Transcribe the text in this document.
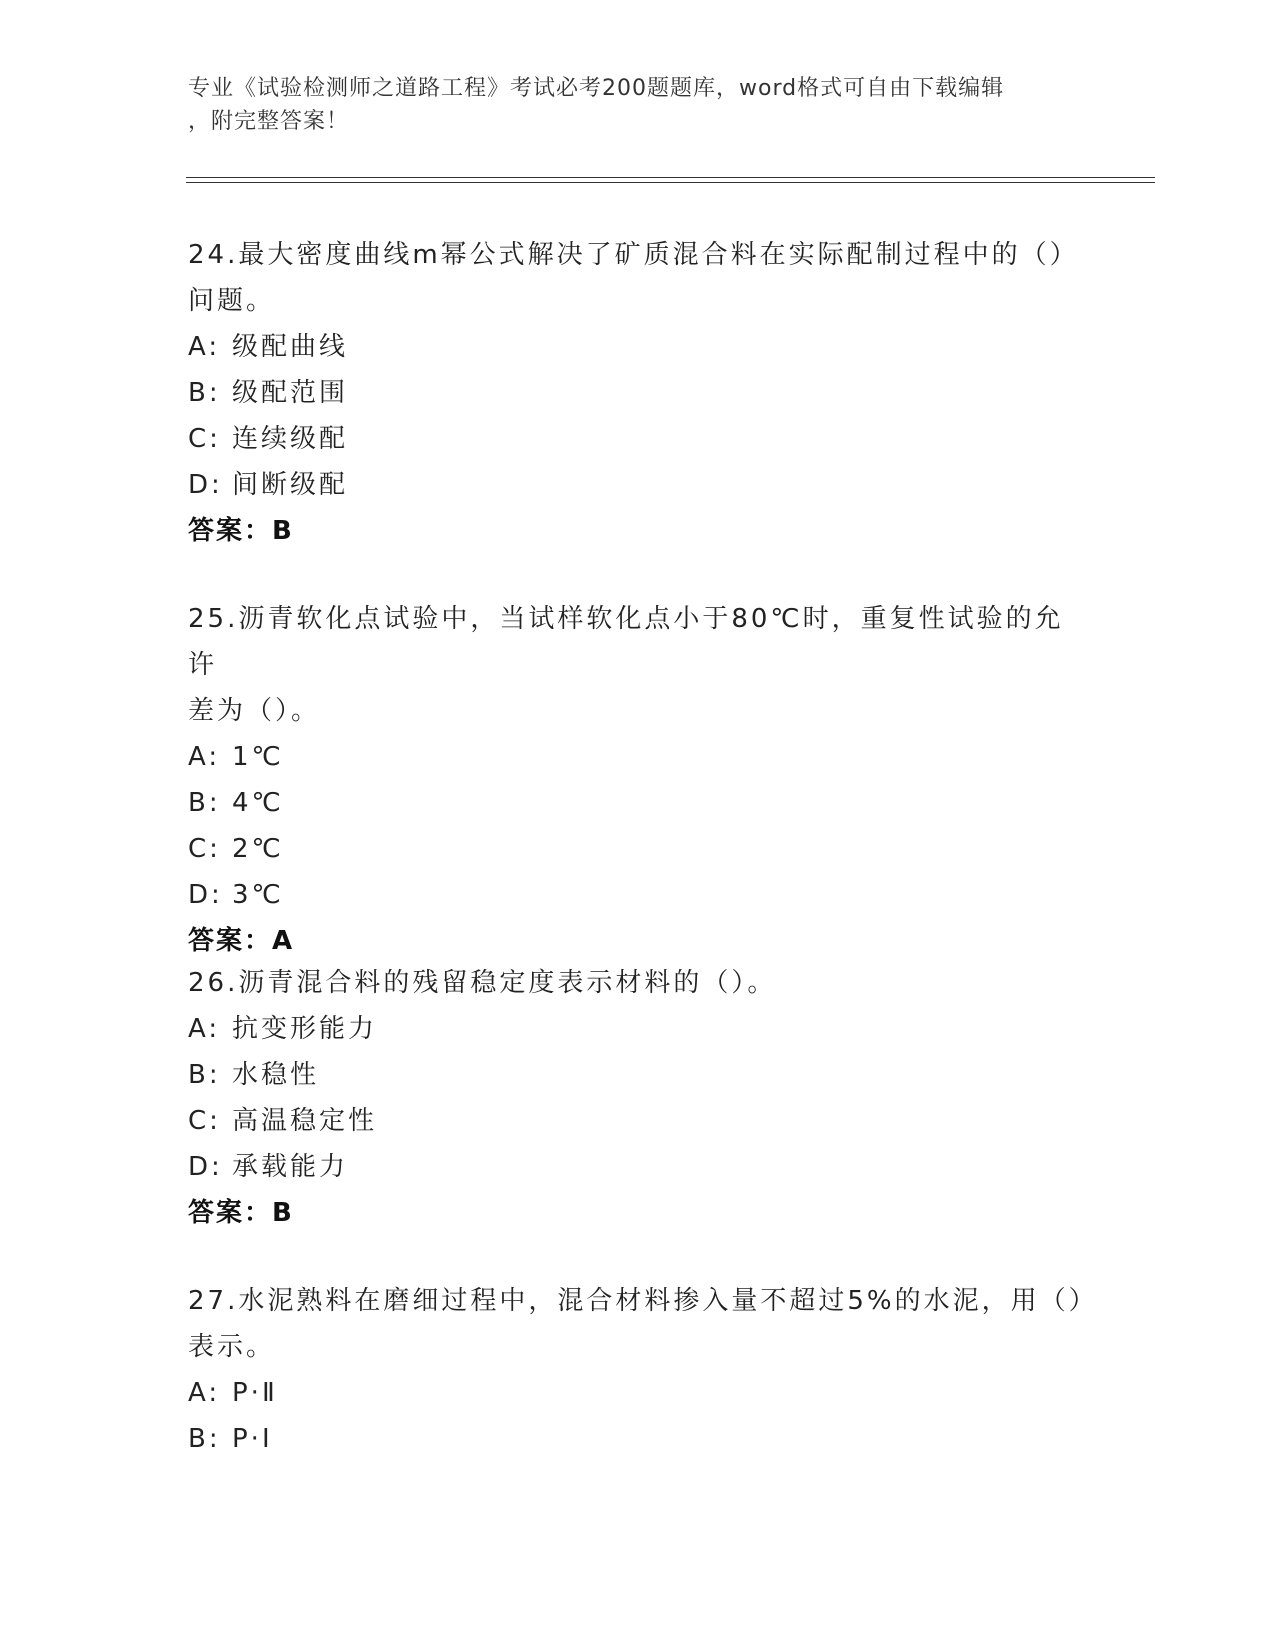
专业《试验检测师之道路工程》考试必考200题题库，word格式可自由下载编辑
，附完整答案！
24.最大密度曲线m幂公式解决了矿质混合料在实际配制过程中的（）
问题。
A: 级配曲线
B: 级配范围
C: 连续级配
D: 间断级配
答案：B
25.沥青软化点试验中，当试样软化点小于80℃时，重复性试验的允许
差为（）。
A: 1℃
B: 4℃
C: 2℃
D: 3℃
答案：A
26.沥青混合料的残留稳定度表示材料的（）。
A: 抗变形能力
B: 水稳性
C: 高温稳定性
D: 承载能力
答案：B
27.水泥熟料在磨细过程中，混合材料掺入量不超过5%的水泥，用（）
表示。
A: P·Ⅱ
B: P·Ⅰ
